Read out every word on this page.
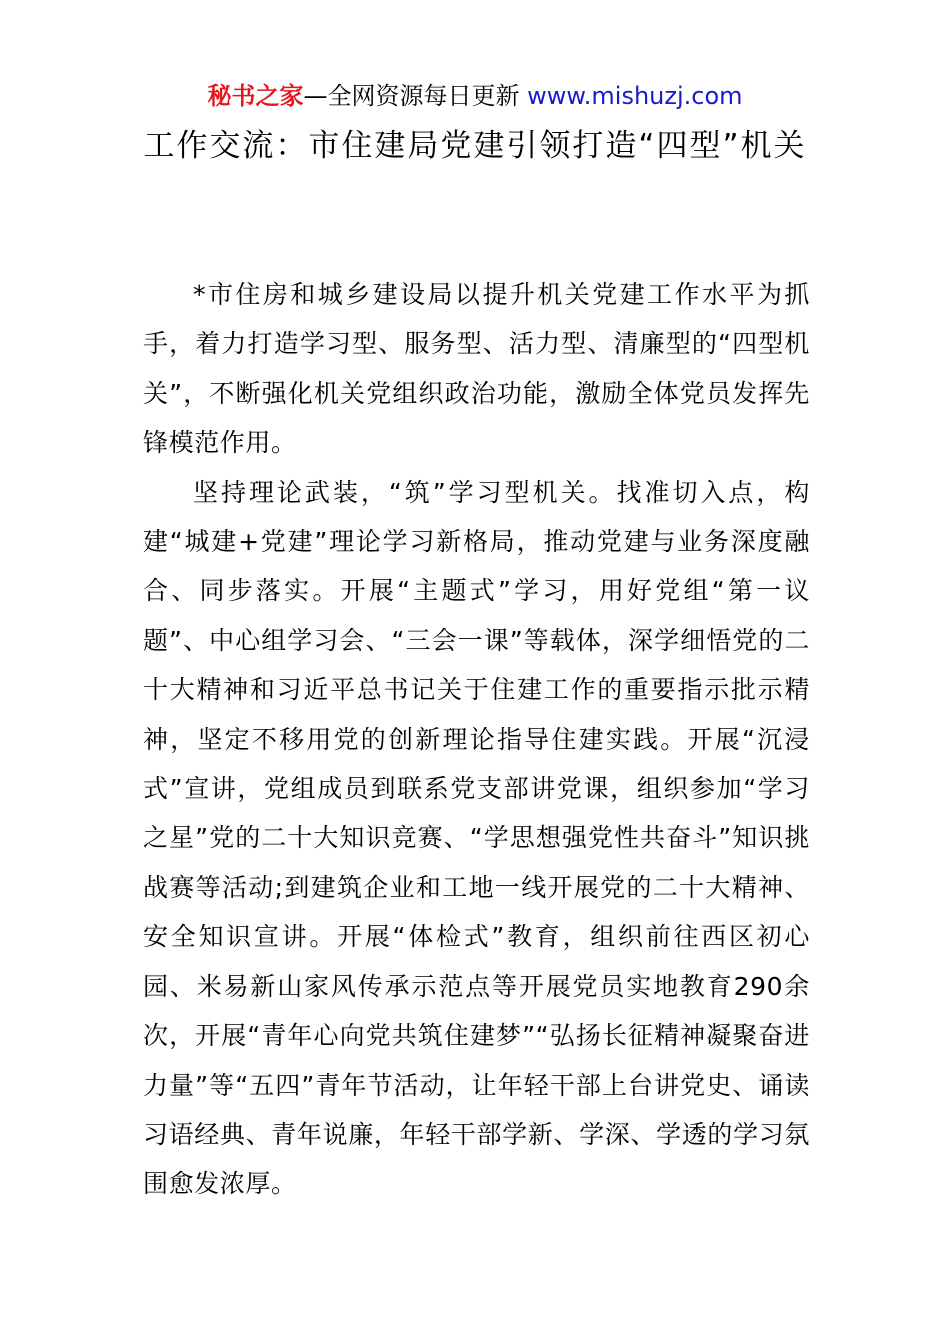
秘书之家—全网资源每日更新 www.mishuzj.com
工作交流：市住建局党建引领打造“四型”机关

*市住房和城乡建设局以提升机关党建工作水平为抓手，着力打造学习型、服务型、活力型、清廉型的“四型机关”，不断强化机关党组织政治功能，激励全体党员发挥先锋模范作用。

坚持理论武装，“筑”学习型机关。找准切入点，构建“城建+党建”理论学习新格局，推动党建与业务深度融合、同步落实。开展“主题式”学习，用好党组“第一议题”、中心组学习会、“三会一课”等载体，深学细悟党的二十大精神和习近平总书记关于住建工作的重要指示批示精神，坚定不移用党的创新理论指导住建实践。开展“沉浸式”宣讲，党组成员到联系党支部讲党课，组织参加“学习之星”党的二十大知识竞赛、“学思想强党性共奋斗”知识挑战赛等活动;到建筑企业和工地一线开展党的二十大精神、安全知识宣讲。开展“体检式”教育，组织前往西区初心园、米易新山家风传承示范点等开展党员实地教育290余次，开展“青年心向党共筑住建梦”“弘扬长征精神凝聚奋进力量”等“五四”青年节活动，让年轻干部上台讲党史、诵读习语经典、青年说廉，年轻干部学新、学深、学透的学习氛围愈发浓厚。
